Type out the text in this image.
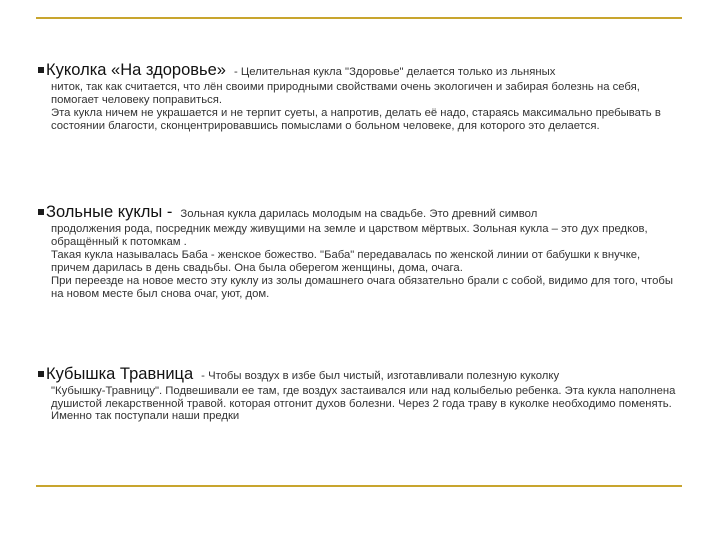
Куколка «На здоровье» - Целительная кукла "Здоровье" делается только из льняных

ниток, так как считается, что лён своими природными свойствами очень экологичен и забирая болезнь на себя, помогает человеку поправиться.

Эта кукла ничем не украшается и не терпит суеты, а напротив, делать её надо, стараясь максимально пребывать в состоянии благости, сконцентрировавшись помыслами о больном человеке, для которого это делается.

Зольные куклы - Зольная кукла дарилась молодым на свадьбе. Это древний символ

продолжения рода, посредник между живущими на земле и царством мёртвых. Зольная кукла – это дух предков, обращённый к потомкам .

Такая кукла называлась Баба - женское божество. "Баба" передавалась по женской линии от бабушки к внучке, причем дарилась в день свадьбы. Она была оберегом женщины, дома, очага.

При переезде на новое место эту куклу из золы домашнего очага обязательно брали с собой, видимо для того, чтобы на новом месте был снова очаг, уют, дом.

Кубышка Травница - Чтобы воздух в избе был чистый, изготавливали полезную куколку

"Кубышку-Травницу". Подвешивали ее там, где воздух застаивался или над колыбелью ребенка. Эта кукла наполнена душистой лекарственной травой. которая отгонит духов болезни. Через 2 года траву в куколке необходимо поменять. Именно так поступали наши предки
